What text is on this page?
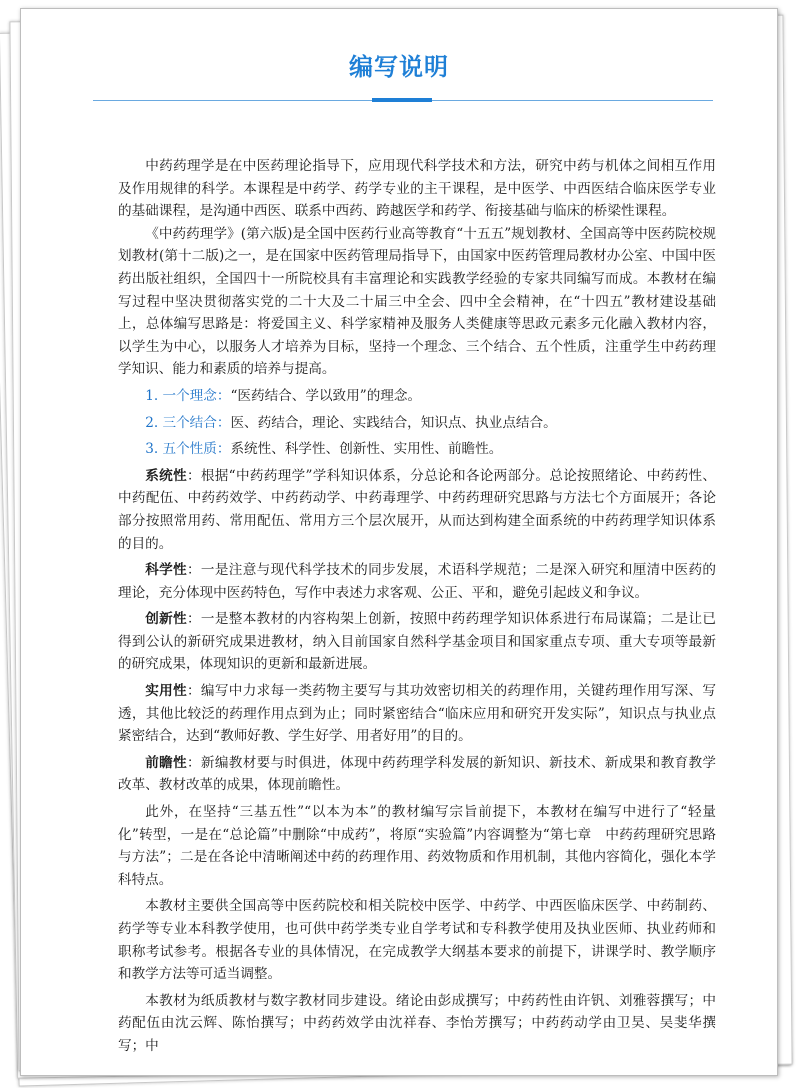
编写说明

中药药理学是在中医药理论指导下，应用现代科学技术和方法，研究中药与机体之间相互作用及作用规律的科学。本课程是中药学、药学专业的主干课程，是中医学、中西医结合临床医学专业的基础课程，是沟通中西医、联系中西药、跨越医学和药学、衔接基础与临床的桥梁性课程。

《中药药理学》(第六版)是全国中医药行业高等教育“十五五”规划教材、全国高等中医药院校规划教材(第十二版)之一，是在国家中医药管理局指导下，由国家中医药管理局教材办公室、中国中医药出版社组织，全国四十一所院校具有丰富理论和实践教学经验的专家共同编写而成。本教材在编写过程中坚决贯彻落实党的二十大及二十届三中全会、四中全会精神，在“十四五”教材建设基础上，总体编写思路是：将爱国主义、科学家精神及服务人类健康等思政元素多元化融入教材内容，以学生为中心，以服务人才培养为目标，坚持一个理念、三个结合、五个性质，注重学生中药药理学知识、能力和素质的培养与提高。

1. 一个理念：“医药结合、学以致用”的理念。

2. 三个结合：医、药结合，理论、实践结合，知识点、执业点结合。

3. 五个性质：系统性、科学性、创新性、实用性、前瞻性。

系统性：根据“中药药理学”学科知识体系，分总论和各论两部分。总论按照绪论、中药药性、中药配伍、中药药效学、中药药动学、中药毒理学、中药药理研究思路与方法七个方面展开；各论部分按照常用药、常用配伍、常用方三个层次展开，从而达到构建全面系统的中药药理学知识体系的目的。

科学性：一是注意与现代科学技术的同步发展，术语科学规范；二是深入研究和厘清中医药的理论，充分体现中医药特色，写作中表述力求客观、公正、平和，避免引起歧义和争议。

创新性：一是整本教材的内容构架上创新，按照中药药理学知识体系进行布局谋篇；二是让已得到公认的新研究成果进教材，纳入目前国家自然科学基金项目和国家重点专项、重大专项等最新的研究成果，体现知识的更新和最新进展。

实用性：编写中力求每一类药物主要写与其功效密切相关的药理作用，关键药理作用写深、写透，其他比较泛的药理作用点到为止；同时紧密结合“临床应用和研究开发实际”，知识点与执业点紧密结合，达到“教师好教、学生好学、用者好用”的目的。

前瞻性：新编教材要与时俱进，体现中药药理学科发展的新知识、新技术、新成果和教育教学改革、教材改革的成果，体现前瞻性。

此外，在坚持“三基五性”“以本为本”的教材编写宗旨前提下，本教材在编写中进行了“轻量化”转型，一是在“总论篇”中删除“中成药”，将原“实验篇”内容调整为“第七章　中药药理研究思路与方法”；二是在各论中清晰阐述中药的药理作用、药效物质和作用机制，其他内容简化，强化本学科特点。

本教材主要供全国高等中医药院校和相关院校中医学、中药学、中西医临床医学、中药制药、药学等专业本科教学使用，也可供中药学类专业自学考试和专科教学使用及执业医师、执业药师和职称考试参考。根据各专业的具体情况，在完成教学大纲基本要求的前提下，讲课学时、教学顺序和教学方法等可适当调整。

本教材为纸质教材与数字教材同步建设。绪论由彭成撰写；中药药性由许钒、刘雅蓉撰写；中药配伍由沈云辉、陈怡撰写；中药药效学由沈祥春、李怡芳撰写；中药药动学由卫昊、吴斐华撰写；中
